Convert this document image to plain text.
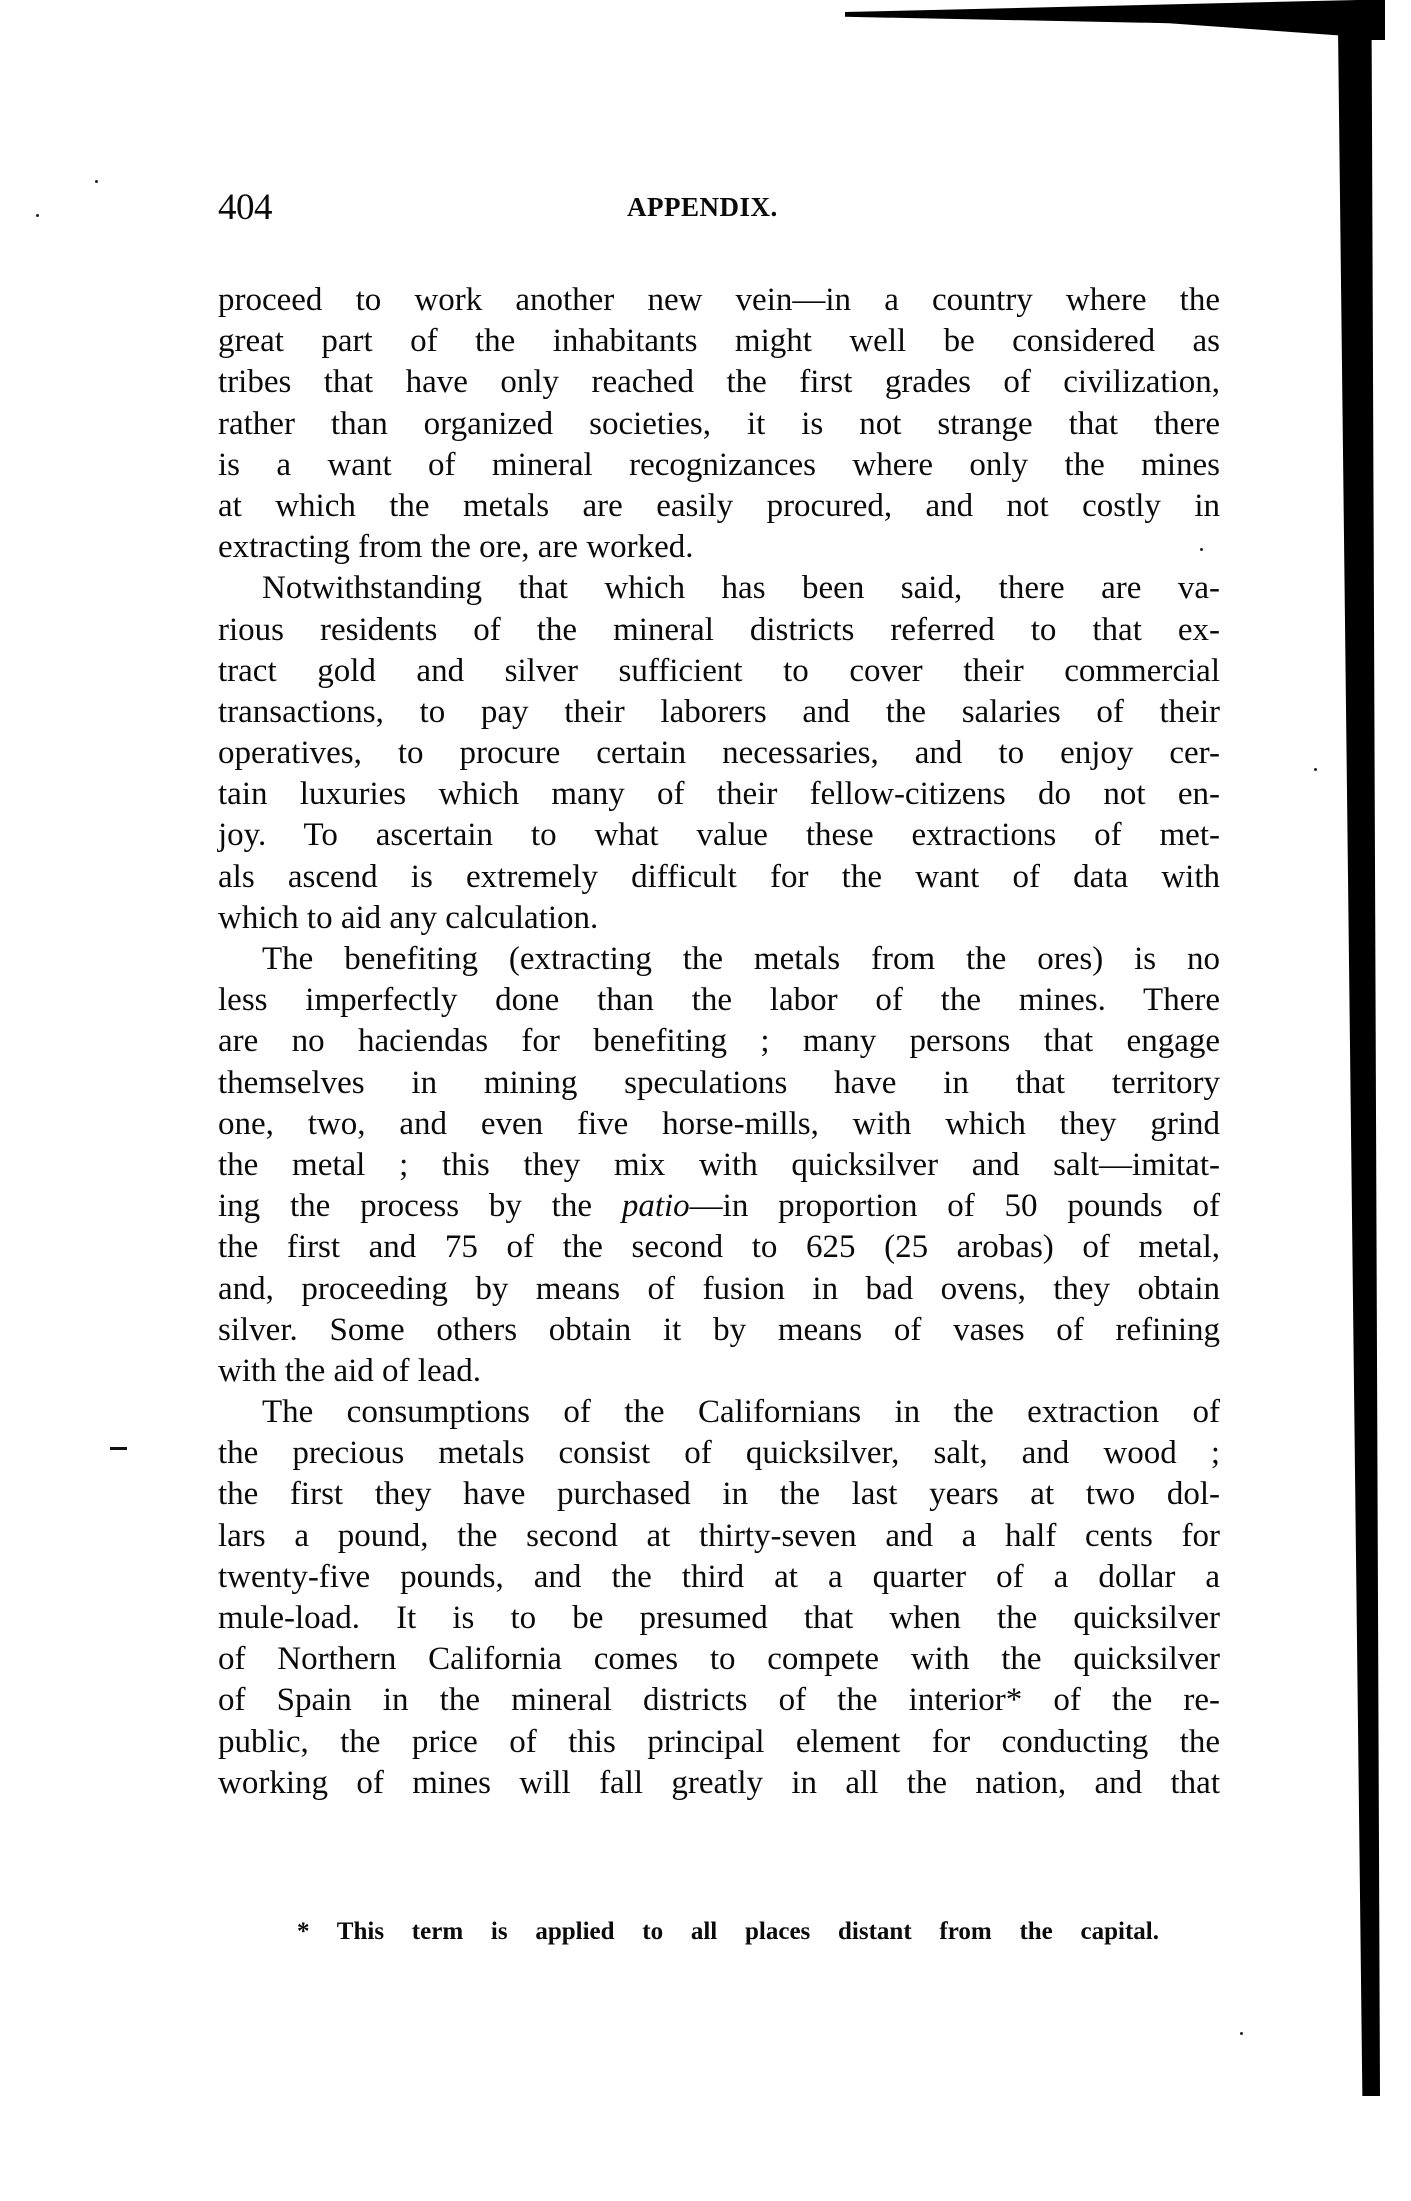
404	APPENDIX.
proceed to work another new vein—in a country where the
great part of the inhabitants might well be considered as
tribes that have only reached the first grades of civilization,
rather than organized societies, it is not strange that there
is a want of mineral recognizances where only the mines
at which the metals are easily procured, and not costly in
extracting from the ore, are worked.
Notwithstanding that which has been said, there are va-
rious residents of the mineral districts referred to that ex-
tract gold and silver sufficient to cover their commercial
transactions, to pay their laborers and the salaries of their
operatives, to procure certain necessaries, and to enjoy cer-
tain luxuries which many of their fellow-citizens do not en-
joy. To ascertain to what value these extractions of met-
als ascend is extremely difficult for the want of data with
which to aid any calculation.
The benefiting (extracting the metals from the ores) is no
less imperfectly done than the labor of the mines. There
are no haciendas for benefiting ; many persons that engage
themselves in mining speculations have in that territory
one, two, and even five horse-mills, with which they grind
the metal ; this they mix with quicksilver and salt—imitat-
ing the process by the patio—in proportion of 50 pounds of
the first and 75 of the second to 625 (25 arobas) of metal,
and, proceeding by means of fusion in bad ovens, they obtain
silver. Some others obtain it by means of vases of refining
with the aid of lead.
The consumptions of the Californians in the extraction of
the precious metals consist of quicksilver, salt, and wood ;
the first they have purchased in the last years at two dol-
lars a pound, the second at thirty-seven and a half cents for
twenty-five pounds, and the third at a quarter of a dollar a
mule-load. It is to be presumed that when the quicksilver
of Northern California comes to compete with the quicksilver
of Spain in the mineral districts of the interior* of the re-
public, the price of this principal element for conducting the
working of mines will fall greatly in all the nation, and that
* This term is applied to all places distant from the capital.
